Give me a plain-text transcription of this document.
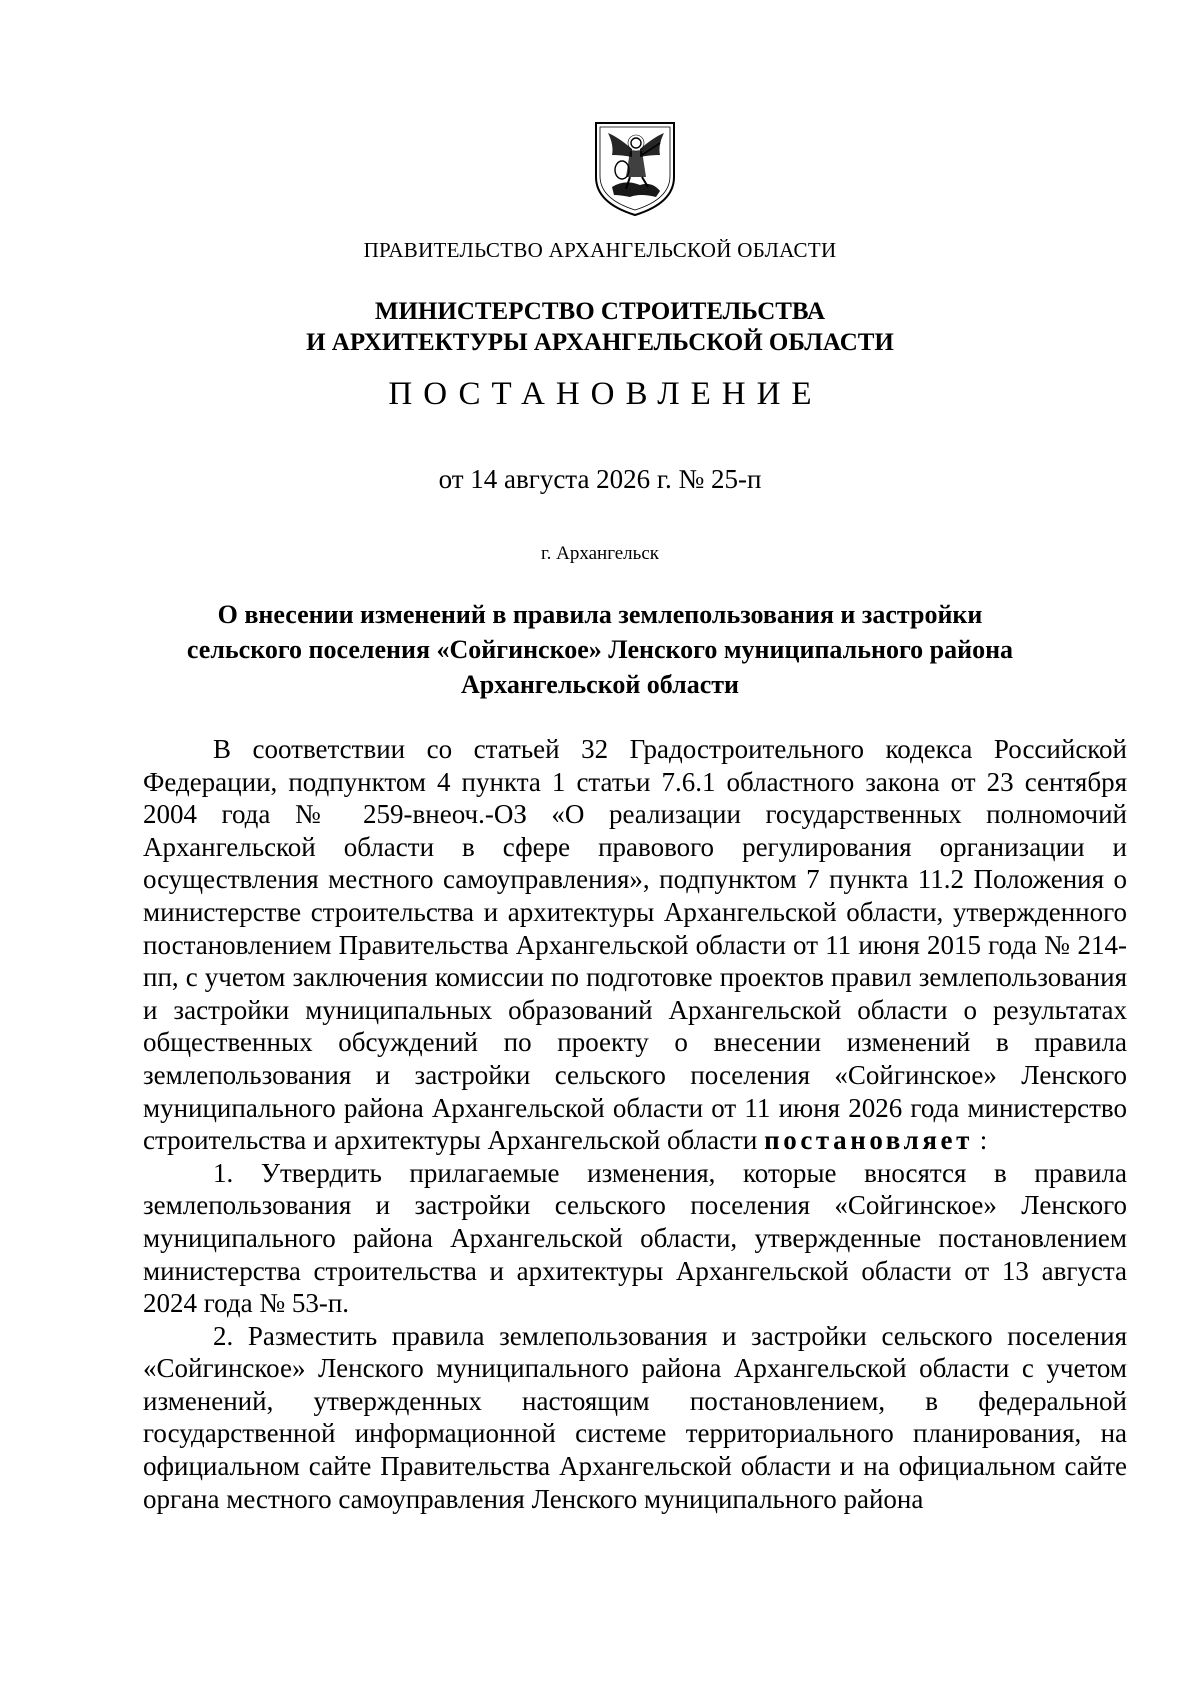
ПРАВИТЕЛЬСТВО АРХАНГЕЛЬСКОЙ ОБЛАСТИ
МИНИСТЕРСТВО СТРОИТЕЛЬСТВА
И АРХИТЕКТУРЫ АРХАНГЕЛЬСКОЙ ОБЛАСТИ
ПОСТАНОВЛЕНИЕ
от 14 августа 2026 г. № 25-п
г. Архангельск
О внесении изменений в правила землепользования и застройки
сельского поселения «Сойгинское» Ленского муниципального района
Архангельской области

В соответствии со статьей 32 Градостроительного кодекса Российской Федерации, подпунктом 4 пункта 1 статьи 7.6.1 областного закона от 23 сентября 2004 года № 259-внеоч.-ОЗ «О реализации государственных полномочий Архангельской области в сфере правового регулирования организации и осуществления местного самоуправления», подпунктом 7 пункта 11.2 Положения о министерстве строительства и архитектуры Архангельской области, утвержденного постановлением Правительства Архангельской области от 11 июня 2015 года № 214-пп, с учетом заключения комиссии по подготовке проектов правил землепользования и застройки муниципальных образований Архангельской области о результатах общественных обсуждений по проекту о внесении изменений в правила землепользования и застройки сельского поселения «Сойгинское» Ленского муниципального района Архангельской области от 11 июня 2026 года министерство строительства и архитектуры Архангельской области постановляет :

1. Утвердить прилагаемые изменения, которые вносятся в правила землепользования и застройки сельского поселения «Сойгинское» Ленского муниципального района Архангельской области, утвержденные постановлением министерства строительства и архитектуры Архангельской области от 13 августа 2024 года № 53-п.

2. Разместить правила землепользования и застройки сельского поселения «Сойгинское» Ленского муниципального района Архангельской области с учетом изменений, утвержденных настоящим постановлением, в федеральной государственной информационной системе территориального планирования, на официальном сайте Правительства Архангельской области и на официальном сайте органа местного самоуправления Ленского муниципального района
